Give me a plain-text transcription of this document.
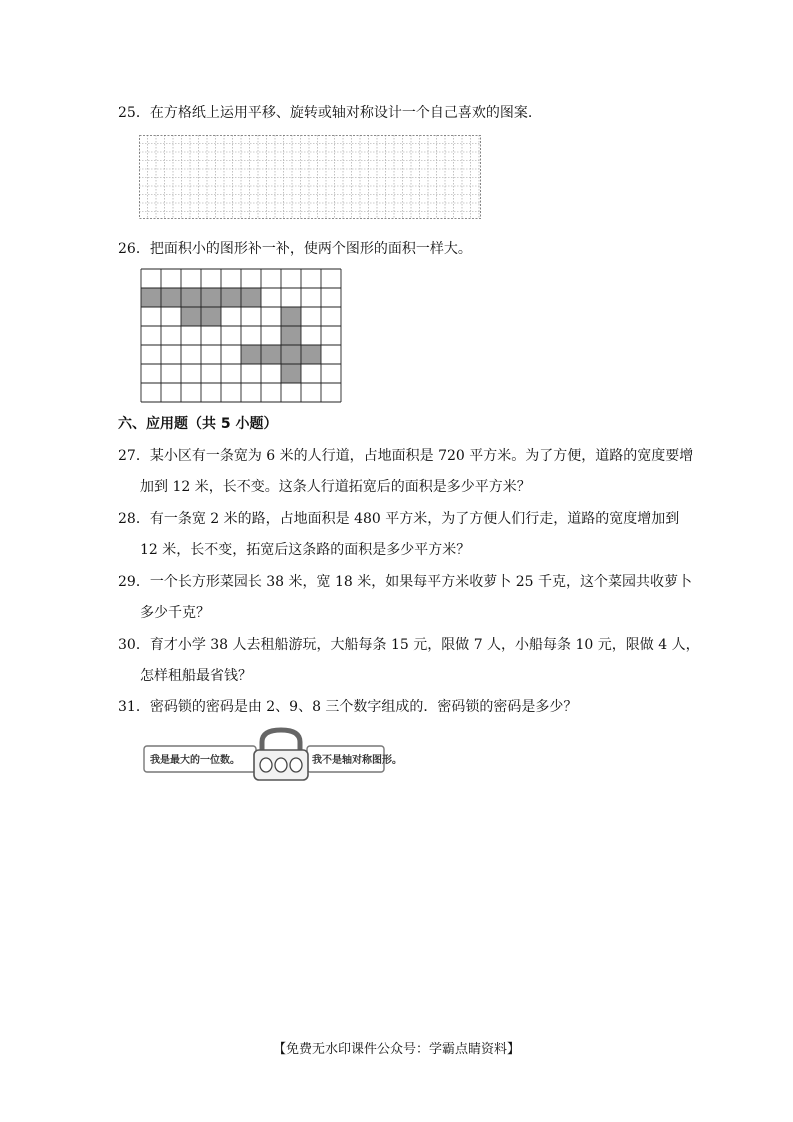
25．在方格纸上运用平移、旋转或轴对称设计一个自己喜欢的图案.
26．把面积小的图形补一补，使两个图形的面积一样大。
六、应用题（共 5 小题）
27．某小区有一条宽为 6 米的人行道，占地面积是 720 平方米。为了方便，道路的宽度要增
加到 12 米，长不变。这条人行道拓宽后的面积是多少平方米？
28．有一条宽 2 米的路，占地面积是 480 平方米，为了方便人们行走，道路的宽度增加到
12 米，长不变，拓宽后这条路的面积是多少平方米？
29．一个长方形菜园长 38 米，宽 18 米，如果每平方米收萝卜 25 千克，这个菜园共收萝卜
多少千克？
30．育才小学 38 人去租船游玩，大船每条 15 元，限做 7 人，小船每条 10 元，限做 4 人，
怎样租船最省钱？
31．密码锁的密码是由 2、9、8 三个数字组成的．密码锁的密码是多少？
我是最大的一位数。	我不是轴对称图形。
【免费无水印课件公众号：学霸点睛资料】
